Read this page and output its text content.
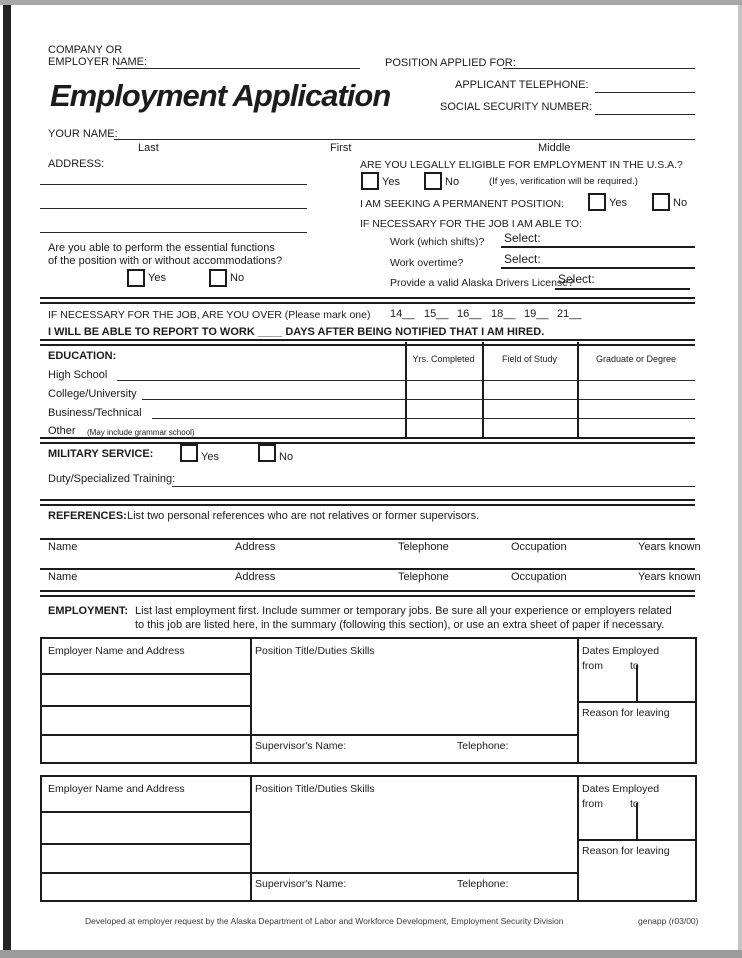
COMPANY OR
EMPLOYER NAME:	POSITION APPLIED FOR:
Employment Application	APPLICANT TELEPHONE:
SOCIAL SECURITY NUMBER:
YOUR NAME:
Last	First	Middle
ADDRESS:
Are you able to perform the essential functions
of the position with or without accommodations?
Yes	No
ARE YOU LEGALLY ELIGIBLE FOR EMPLOYMENT IN THE U.S.A.?
Yes	No	(If yes, verification will be required.)
I AM SEEKING A PERMANENT POSITION:	Yes	No
IF NECESSARY FOR THE JOB I AM ABLE TO:
Work (which shifts)? Select:
Work overtime?	Select:
Provide a valid Alaska Drivers License?
Select:
IF NECESSARY FOR THE JOB, ARE YOU OVER (Please mark one) 14__ 15__ 16__ 18__ 19__ 21__
I WILL BE ABLE TO REPORT TO WORK ____ DAYS AFTER BEING NOTIFIED THAT I AM HIRED.
EDUCATION:	Yrs. Completed	Field of Study	Graduate or Degree
High School
College/University
Business/Technical
Other (May include grammar school)
MILITARY SERVICE:	Yes	No
Duty/Specialized Training:
REFERENCES: List two personal references who are not relatives or former supervisors.
Name	Address	Telephone	Occupation	Years known
Name	Address	Telephone	Occupation	Years known
EMPLOYMENT: List last employment first. Include summer or temporary jobs. Be sure all your experience or employers related
to this job are listed here, in the summary (following this section), or use an extra sheet of paper if necessary.
Employer Name and Address	Position Title/Duties Skills
Supervisor's Name:	Telephone:
Dates Employed
from	to
Reason for leaving
Employer Name and Address	Position Title/Duties Skills
Supervisor's Name:	Telephone:
Dates Employed
from	to
Reason for leaving
Developed at employer request by the Alaska Department of Labor and Workforce Development, Employment Security Division	genapp (r03/00)
